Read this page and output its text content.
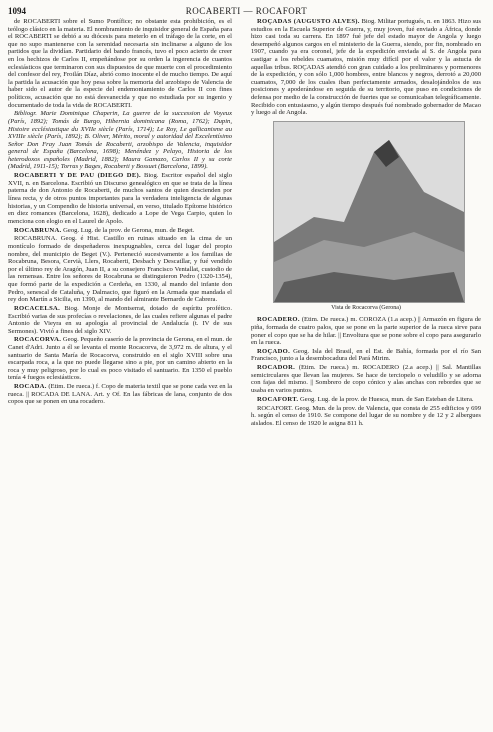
1094	ROCABERTI — ROCAFORT

de ROCABERTI sobre el Sumo Pontífice; no obstante esta prohibición, es el teólogo clásico en la materia. El nombramiento de inquisidor general de España para el ROCABERTI se debió a su diócesis para meterlo en el tráfago de la corte, en el que no supo mantenerse con la serenidad necesaria sin inclinarse a alguno de los partidos que la dividían. Partidario del bando francés, tuvo el poco acierto de creer en los hechizos de Carlos II, empeñándose por su orden la ingerencia de cuantos eclesiásticos que terminaron con sus dispuestos de que muerte con el procedimiento del confesor del rey, Froilán Díaz, abrió como inocente el de mucho tiempo. De aquí la partida la acusación que hoy pesa sobre la memoria del arzobispo de Valencia de haber sido el autor de la especie del endemoniamiento de Carlos II con fines políticos, acusación que no está desvanecida y que no estudiada por su ingenio y documentado de toda la vida de ROCABERTI.

Bibliogr. Marie Dominique Chaperin, La guerre de la succession de Voyeux (París, 1892); Tomás de Burgo, Hibernia dominicana (Roma, 1762); Dupin, Histoire ecclésiastique du XVIIe siècle (París, 1714); Le Roy, Le gallicanisme au XVIIIe siècle (París, 1892); B. Oliver, Mérito, moral y autoridad del Excelentísimo Señor Don Fray Juan Tomás de Rocaberti, arzobispo de Valencia, inquisidor general de España (Barcelona, 1698); Menéndez y Pelayo, Historia de los heterodoxos españoles (Madrid, 1882); Maura Gamazo, Carlos II y su corte (Madrid, 1911-15); Torras y Bages, Rocaberti y Bossuet (Barcelona, 1899).

ROCABERTI Y DE PAU (DIEGO DE). Biog. Escritor español del siglo XVII, n. en Barcelona. Escribió un Discurso genealógico en que se trata de la línea paterna de don Antonio de Rocaberti, de muchos santos de quien descienden por línea recta, y de otros puntos importantes para la verdadera inteligencia de algunas historias, y un Compendio de historia universal, en verso, titulado Epítome histórico en diez romances (Barcelona, 1628), dedicado a Lope de Vega Carpio, quien lo menciona con elogio en el Laurel de Apolo.

ROCABRUNA. Geog. Lug. de la prov. de Gerona, mun. de Beget.

ROCABRUNA. Geog. é Hist. Castillo en ruinas situado en la cima de un montículo formado de despeñaderos inexpugnables, cerca del lugar del propio nombre, del municipio de Beget (V.). Perteneció sucesivamente a los familias de Rocabruna, Besora, Cervià, Llers, Rocaberti, Desbach y Descatllar, y fué vendido por el último rey de Aragón, Juan II, a su consejero Francisco Ventallat, custodio de las remensas. Entre los señores de Rocabruna se distinguieron Pedro (1320-1354), que formó parte de la expedición a Cerdeña, en 1330, al mando del infante don Pedro, senescal de Cataluña, y Dalmacio, que figuró en la Armada que mandada el rey don Martín a Sicilia, en 1390, al mando del almirante Bernardo de Cabrera.

ROCACELSA. Biog. Monje de Montserrat, dotado de espíritu profético. Escribió varias de sus profecías o revelaciones, de las cuales refiere algunas el padre Antonio de Vieyra en su apología al provincial de Andalucía (t. IV de sus Sermones). Vivió a fines del siglo XIV.

ROCACORVA. Geog. Pequeño caserío de la provincia de Gerona, en el mun. de Canet d'Adri. Junto a él se levanta el monte Rocacorva, de 3,972 m. de altura, y el santuario de Santa María de Rocacorva, construido en el siglo XVIII sobre una escarpada roca, a la que no puede llegarse sino a pie, por un camino abierto en la roca y muy peligroso, por lo cual es poco visitado el santuario. En 1350 el pueblo tenía 4 fuegos eclesiásticos.

ROCADA. (Etim. De rueca.) f. Copo de materia textil que se pone cada vez en la rueca. || ROCADA DE LANA. Art. y Of. En las fábricas de lana, conjunto de dos copos que se ponen en una rocadero.

ROÇADAS (AUGUSTO ALVES). Biog. Militar portugués, n. en 1863. Hizo sus estudios en la Escuela Superior de Guerra, y, muy joven, fué enviado a África, donde hizo casi toda su carrera. En 1897 fué jefe del estado mayor de Angola y luego desempeñó algunos cargos en el ministerio de la Guerra, siendo, por fin, nombrado en 1907, cuando ya era coronel, jefe de la expedición enviada al S. de Angola para castigar a los rebeldes cuamatos, misión muy difícil por el valor y la astucia de aquellas tribus. ROÇADAS atendió con gran cuidado a los preliminares y pormenores de la expedición, y con sólo 1,000 hombres, entre blancos y negros, derrotó a 20,000 cuamatos, 7,000 de los cuales iban perfectamente armados, desalojándolos de sus posiciones y apoderándose en seguida de su territorio, que puso en condiciones de defensa por medio de la construcción de fuertes que se comunicaban telegráficamente. Recibido con entusiasmo, y algún tiempo después fué nombrado gobernador de Macao y luego al de Angola.

Vista de Rocacorva (Gerona)

ROCADERO. (Etim. De rueca.) m. COROZA (1.a acep.) || Armazón en figura de piña, formada de cuatro palos, que se pone en la parte superior de la rueca sirve para poner el copo que se ha de hilar. || Envoltura que se pone sobre el copo para asegurarlo en la rueca.

ROÇADO. Geog. Isla del Brasil, en el Est. de Bahía, formada por el río San Francisco, junto a la desembocadura del Pará Mirim.

ROCADOR. (Etim. De rueca.) m. ROCADERO (2.a acep.) || Sal. Mantillas semicirculares que llevan las mujeres. Se hace de terciopelo o veludillo y se adorna con fajas del mismo. || Sombrero de copo cónico y alas anchas con rebordes que se usaba en varios puntos.

ROCAFORT. Geog. Lug. de la prov. de Huesca, mun. de San Esteban de Litera.

ROCAFORT. Geog. Mun. de la prov. de Valencia, que consta de 255 edificios y 699 h. según el censo de 1910. Se compone del lugar de su nombre y de 12 y 2 albergues aislados. El censo de 1920 le asigna 811 h.
